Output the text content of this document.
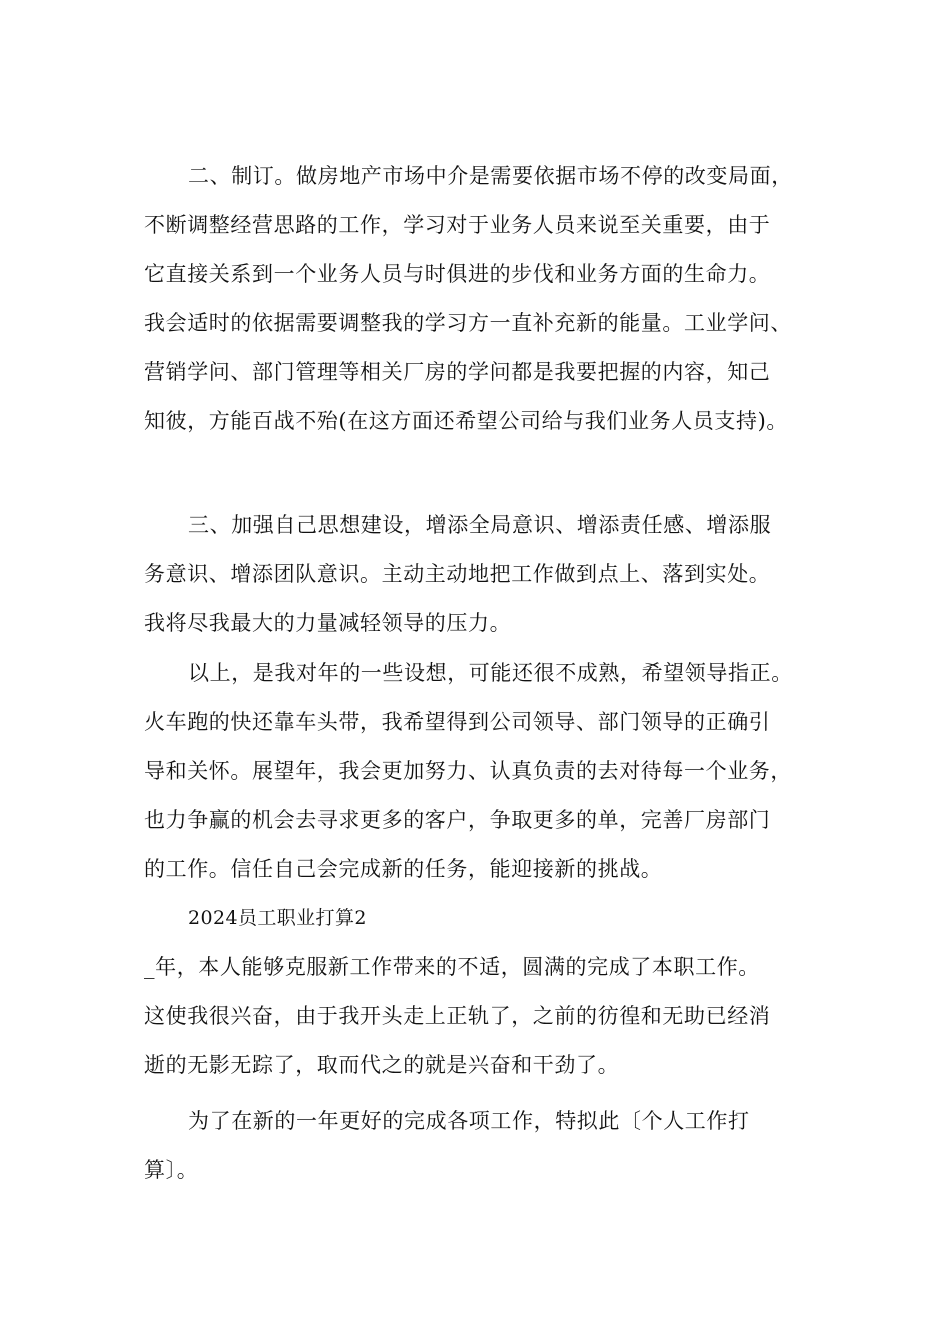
二、制订。做房地产市场中介是需要依据市场不停的改变局面，
不断调整经营思路的工作，学习对于业务人员来说至关重要，由于
它直接关系到一个业务人员与时俱进的步伐和业务方面的生命力。
我会适时的依据需要调整我的学习方一直补充新的能量。工业学问、
营销学问、部门管理等相关厂房的学问都是我要把握的内容，知己
知彼，方能百战不殆(在这方面还希望公司给与我们业务人员支持)。
三、加强自己思想建设，增添全局意识、增添责任感、增添服
务意识、增添团队意识。主动主动地把工作做到点上、落到实处。
我将尽我最大的力量减轻领导的压力。
以上，是我对年的一些设想，可能还很不成熟，希望领导指正。
火车跑的快还靠车头带，我希望得到公司领导、部门领导的正确引
导和关怀。展望年，我会更加努力、认真负责的去对待每一个业务，
也力争赢的机会去寻求更多的客户，争取更多的单，完善厂房部门
的工作。信任自己会完成新的任务，能迎接新的挑战。
2024员工职业打算2
_年，本人能够克服新工作带来的不适，圆满的完成了本职工作。
这使我很兴奋，由于我开头走上正轨了，之前的彷徨和无助已经消
逝的无影无踪了，取而代之的就是兴奋和干劲了。
为了在新的一年更好的完成各项工作，特拟此〔个人工作打
算〕。
